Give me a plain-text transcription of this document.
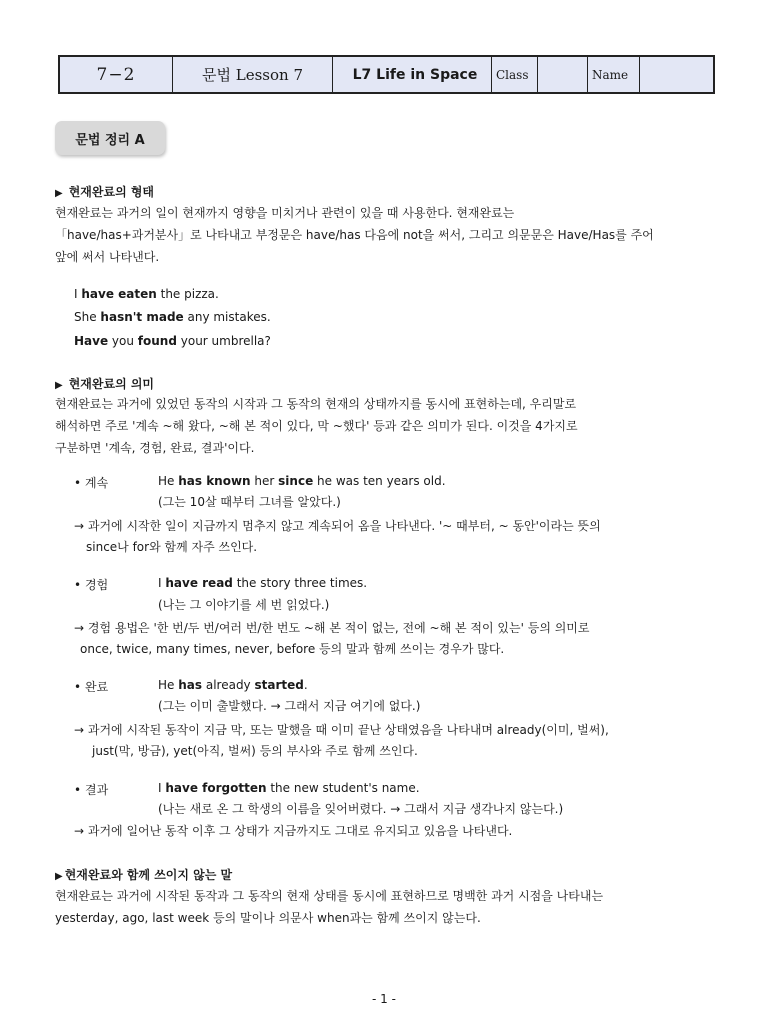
7−2	문법 Lesson 7	L7 Life in Space	Class	Name
문법 정리 A
▶ 현재완료의 형태
현재완료는 과거의 일이 현재까지 영향을 미치거나 관련이 있을 때 사용한다. 현재완료는
「have/has+과거분사」로 나타내고 부정문은 have/has 다음에 not을 써서, 그리고 의문문은 Have/Has를 주어
앞에 써서 나타낸다.
I have eaten the pizza.
She hasn't made any mistakes.
Have you found your umbrella?
▶ 현재완료의 의미
현재완료는 과거에 있었던 동작의 시작과 그 동작의 현재의 상태까지를 동시에 표현하는데, 우리말로
해석하면 주로 '계속 ~해 왔다, ~해 본 적이 있다, 막 ~했다' 등과 같은 의미가 된다. 이것을 4가지로
구분하면 '계속, 경험, 완료, 결과'이다.
• 계속	He has known her since he was ten years old.
(그는 10살 때부터 그녀를 알았다.)
→ 과거에 시작한 일이 지금까지 멈추지 않고 계속되어 옴을 나타낸다. '~ 때부터, ~ 동안'이라는 뜻의
since나 for와 함께 자주 쓰인다.
• 경험	I have read the story three times.
(나는 그 이야기를 세 번 읽었다.)
→ 경험 용법은 '한 번/두 번/여러 번/한 번도 ~해 본 적이 없는, 전에 ~해 본 적이 있는' 등의 의미로
once, twice, many times, never, before 등의 말과 함께 쓰이는 경우가 많다.
• 완료	He has already started.
(그는 이미 출발했다. → 그래서 지금 여기에 없다.)
→ 과거에 시작된 동작이 지금 막, 또는 말했을 때 이미 끝난 상태였음을 나타내며 already(이미, 벌써),
just(막, 방금), yet(아직, 벌써) 등의 부사와 주로 함께 쓰인다.
• 결과	I have forgotten the new student's name.
(나는 새로 온 그 학생의 이름을 잊어버렸다. → 그래서 지금 생각나지 않는다.)
→ 과거에 일어난 동작 이후 그 상태가 지금까지도 그대로 유지되고 있음을 나타낸다.
▶ 현재완료와 함께 쓰이지 않는 말
현재완료는 과거에 시작된 동작과 그 동작의 현재 상태를 동시에 표현하므로 명백한 과거 시점을 나타내는
yesterday, ago, last week 등의 말이나 의문사 when과는 함께 쓰이지 않는다.
- 1 -
